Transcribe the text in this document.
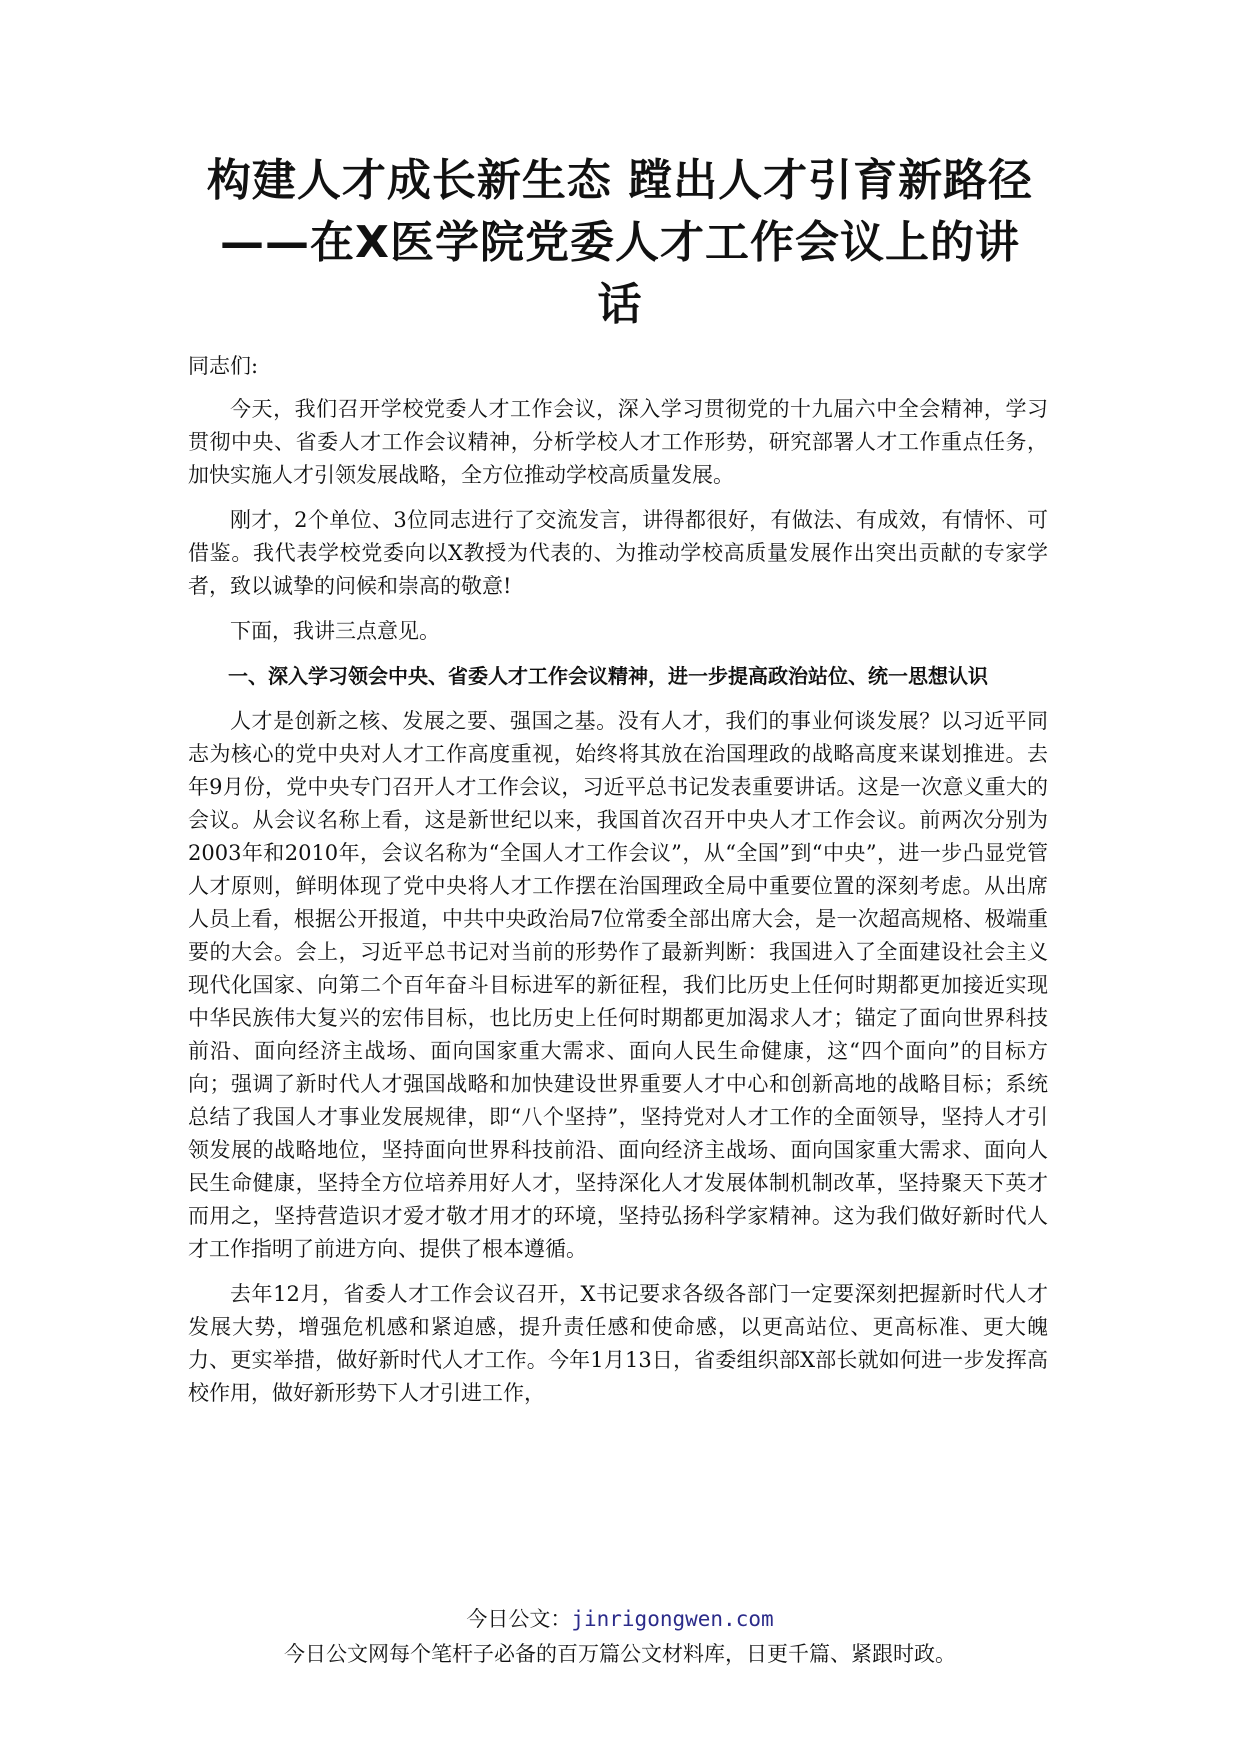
构建人才成长新生态 蹚出人才引育新路径
——在X医学院党委人才工作会议上的讲
话

同志们:

今天，我们召开学校党委人才工作会议，深入学习贯彻党的十九届六中全会精神，学习贯彻中央、省委人才工作会议精神，分析学校人才工作形势，研究部署人才工作重点任务，加快实施人才引领发展战略，全方位推动学校高质量发展。

刚才，2个单位、3位同志进行了交流发言，讲得都很好，有做法、有成效，有情怀、可借鉴。我代表学校党委向以X教授为代表的、为推动学校高质量发展作出突出贡献的专家学者，致以诚挚的问候和崇高的敬意!

下面，我讲三点意见。

一、深入学习领会中央、省委人才工作会议精神，进一步提高政治站位、统一思想认识

人才是创新之核、发展之要、强国之基。没有人才，我们的事业何谈发展？以习近平同志为核心的党中央对人才工作高度重视，始终将其放在治国理政的战略高度来谋划推进。去年9月份，党中央专门召开人才工作会议，习近平总书记发表重要讲话。这是一次意义重大的会议。从会议名称上看，这是新世纪以来，我国首次召开中央人才工作会议。前两次分别为2003年和2010年，会议名称为“全国人才工作会议”，从“全国”到“中央”，进一步凸显党管人才原则，鲜明体现了党中央将人才工作摆在治国理政全局中重要位置的深刻考虑。从出席人员上看，根据公开报道，中共中央政治局7位常委全部出席大会，是一次超高规格、极端重要的大会。会上，习近平总书记对当前的形势作了最新判断：我国进入了全面建设社会主义现代化国家、向第二个百年奋斗目标进军的新征程，我们比历史上任何时期都更加接近实现中华民族伟大复兴的宏伟目标，也比历史上任何时期都更加渴求人才；锚定了面向世界科技前沿、面向经济主战场、面向国家重大需求、面向人民生命健康，这“四个面向”的目标方向；强调了新时代人才强国战略和加快建设世界重要人才中心和创新高地的战略目标；系统总结了我国人才事业发展规律，即“八个坚持”，坚持党对人才工作的全面领导，坚持人才引领发展的战略地位，坚持面向世界科技前沿、面向经济主战场、面向国家重大需求、面向人民生命健康，坚持全方位培养用好人才，坚持深化人才发展体制机制改革，坚持聚天下英才而用之，坚持营造识才爱才敬才用才的环境，坚持弘扬科学家精神。这为我们做好新时代人才工作指明了前进方向、提供了根本遵循。

去年12月，省委人才工作会议召开，X书记要求各级各部门一定要深刻把握新时代人才发展大势，增强危机感和紧迫感，提升责任感和使命感，以更高站位、更高标准、更大魄力、更实举措，做好新时代人才工作。今年1月13日，省委组织部X部长就如何进一步发挥高校作用，做好新形势下人才引进工作，

今日公文：jinrigongwen.com
今日公文网每个笔杆子必备的百万篇公文材料库，日更千篇、紧跟时政。
